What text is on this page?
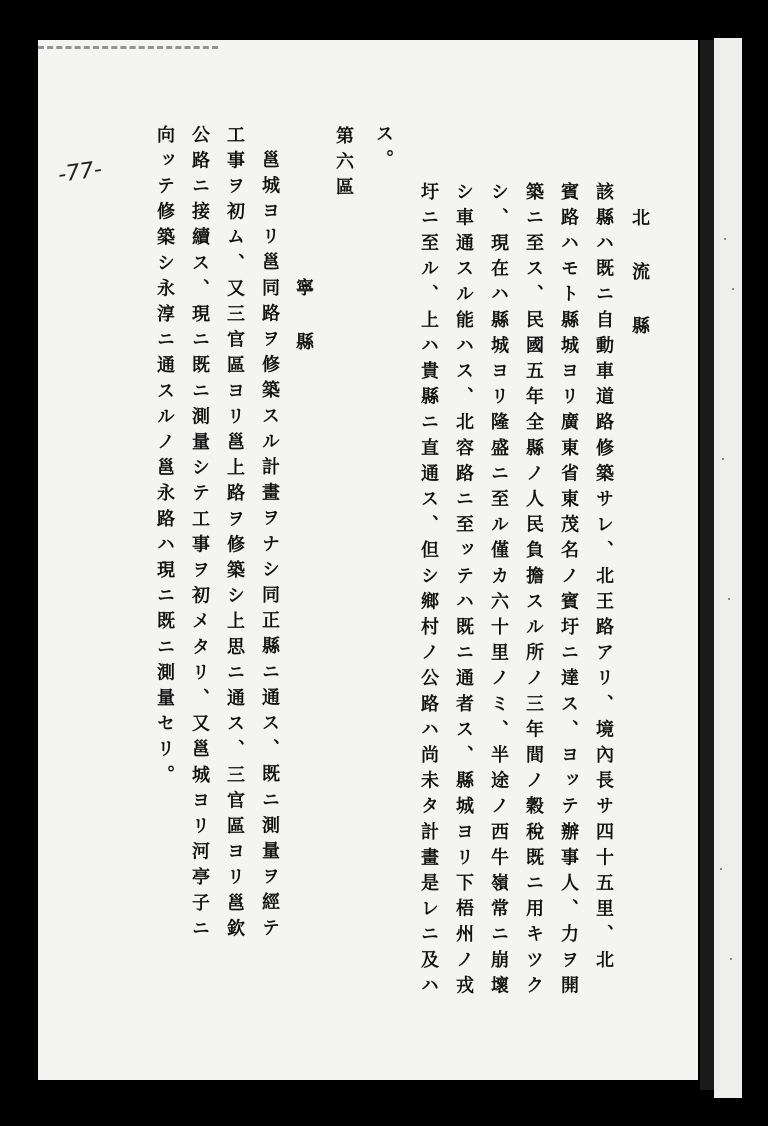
-77-
北流縣
該縣ハ既ニ自動車道路修築サレ、北王路アリ、境內長サ四十五里、北
賓路ハモト縣城ヨリ廣東省東茂名ノ賓圩ニ達ス、ヨッテ辦事人、力ヲ開
築ニ至ス、民國五年全縣ノ人民負擔スル所ノ三年間ノ穀稅既ニ用キツク
シ、現在ハ縣城ヨリ隆盛ニ至ル僅カ六十里ノミ、半途ノ西牛嶺常ニ崩壞
シ車通スル能ハス、北容路ニ至ッテハ既ニ通者ス、縣城ヨリ下梧州ノ戎
圩ニ至ル、上ハ貴縣ニ直通ス、但シ鄉村ノ公路ハ尚未タ計畫是レニ及ハ
ス。
第六區
寧縣
邕城ヨリ邕同路ヲ修築スル計畫ヲナシ同正縣ニ通ス、既ニ測量ヲ經テ
工事ヲ初ム、又三官區ヨリ邕上路ヲ修築シ上思ニ通ス、三官區ヨリ邕欽
公路ニ接續ス、現ニ既ニ測量シテ工事ヲ初メタリ、又邕城ヨリ河亭子ニ
向ッテ修築シ永淳ニ通スルノ邕永路ハ現ニ既ニ測量セリ。
